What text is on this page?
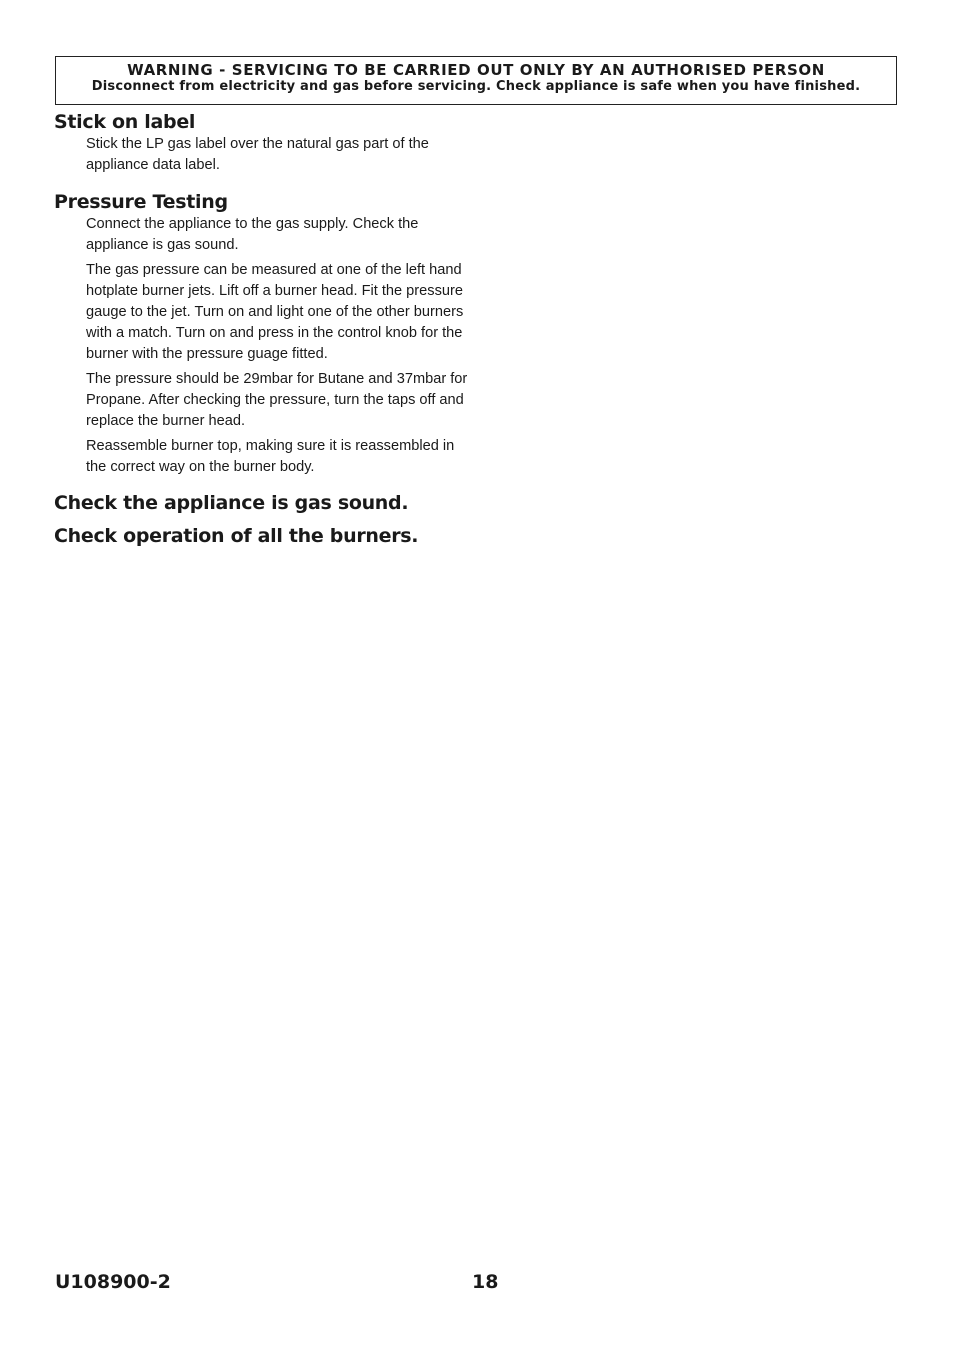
WARNING - SERVICING TO BE CARRIED OUT ONLY BY AN AUTHORISED PERSON
Disconnect from electricity and gas before servicing. Check appliance is safe when you have finished.
Stick on label

Stick the LP gas label over the natural gas part of the appliance data label.

Pressure Testing

Connect the appliance to the gas supply. Check the appliance is gas sound.

The gas pressure can be measured at one of the left hand hotplate burner jets. Lift off a burner head. Fit the pressure gauge to the jet. Turn on and light one of the other burners with a match. Turn on and press in the control knob for the burner with the pressure guage fitted.

The pressure should be 29mbar for Butane and 37mbar for Propane. After checking the pressure, turn the taps off and replace the burner head.

Reassemble burner top, making sure it is reassembled in the correct way on the burner body.

Check the appliance is gas sound.

Check operation of all the burners.

U108900-2	18
